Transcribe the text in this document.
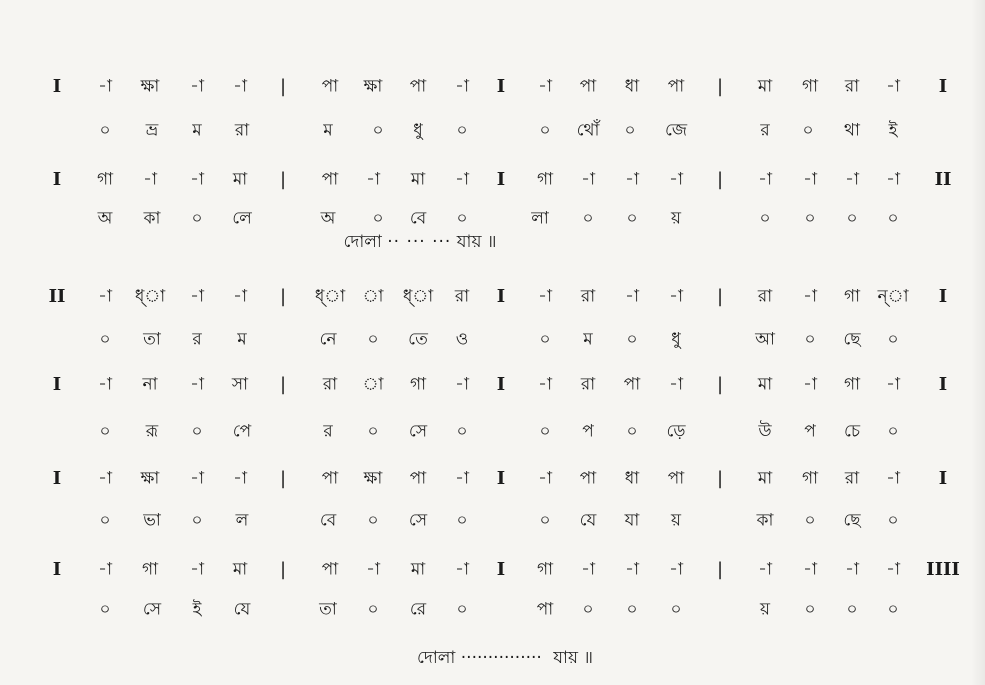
I -া ক্ষা -া -া | পা ক্ষা পা -া I -া পা ধা পা | মা গা রা -া I
০ ভ্র ম রা	ম ০ ধু ০	০ থোঁ ০ জে	র ০ থা ই
I গা -া -া মা | পা -া মা -া I গা -া -া -া | -া -া -া -া II
অ কা ০ লে	অ ০ বে ০	লা ০ ০ য়	০ ০ ০ ০
II -া ধ্া -া -া | ধ্া া ধ্া রা I -া রা -া -া | রা -া গা ন্া I
০ তা র ম	নে ০ তে ও	০ ম ০ ধু	আ ০ ছে ০
I -া না -া সা | রা া গা -া I -া রা পা -া | মা -া গা -া I
০ রূ ০ পে	র ০ সে ০	০ প ০ ড়ে	উ প চে ০
I -া ক্ষা -া -া | পা ক্ষা পা -া I -া পা ধা পা | মা গা রা -া I
০ ভা ০ ল	বে ০ সে ০	০ যে যা য়	কা ০ ছে ০
I -া গা -া মা | পা -া মা -া I গা -া -া -া | -া -া -া -া IIII
০ সে ই যে	তা ০ রে ০	পা ০ ০ ০	য় ০ ০ ০
দোলা ·· ··· ··· যায় ॥
দোলা ··············· যায় ॥
